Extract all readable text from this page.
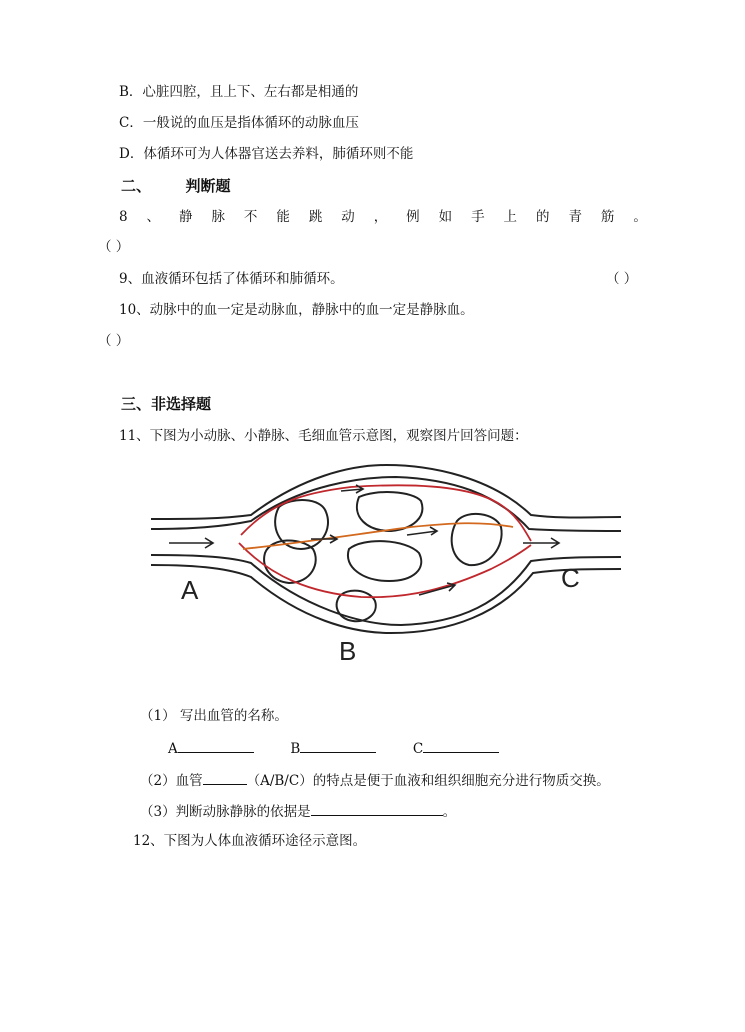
B．心脏四腔，且上下、左右都是相通的
C．一般说的血压是指体循环的动脉血压
D．体循环可为人体器官送去养料，肺循环则不能
二、 判断题
8 、 静 脉 不 能 跳 动 ， 例 如 手 上 的 青 筋 。
（ ）
9、血液循环包括了体循环和肺循环。	（ ）
10、动脉中的血一定是动脉血，静脉中的血一定是静脉血。
（ ）
三、非选择题
11、下图为小动脉、小静脉、毛细血管示意图，观察图片回答问题：
A
B
C
（1） 写出血管的名称。
A	B	C
（2）血管	（A/B/C）的特点是便于血液和组织细胞充分进行物质交换。
（3）判断动脉静脉的依据是	。
12、下图为人体血液循环途径示意图。
